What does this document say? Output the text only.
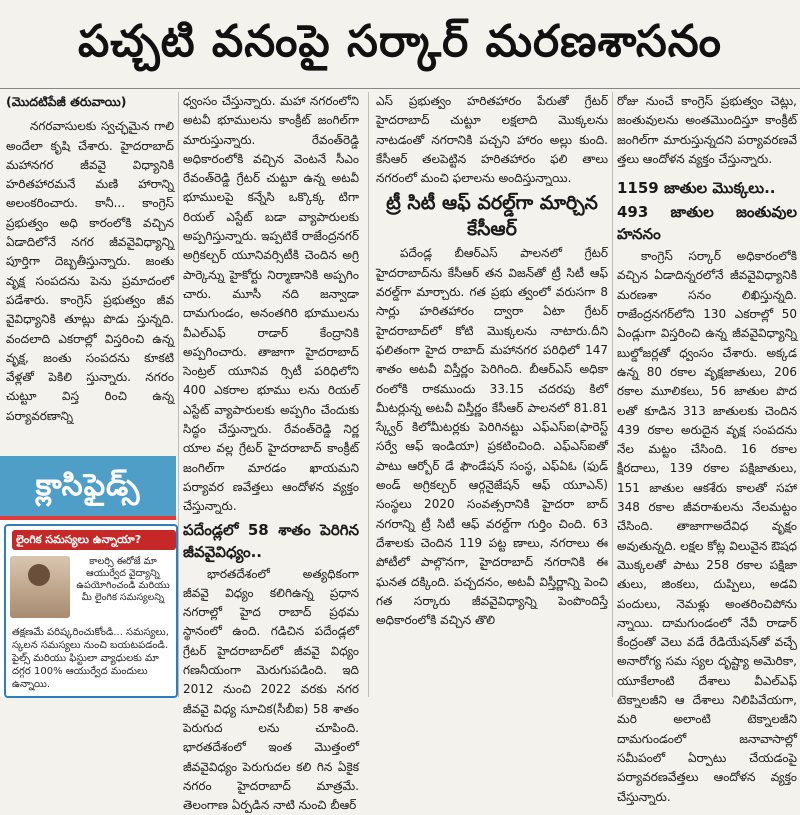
పచ్చటి వనంపై సర్కార్ మరణశాసనం

(మొదటిపేజీ తరువాయి)

నగరవాసులకు స్వచ్ఛమైన గాలి అందేలా కృషి చేశారు. హైదరాబాద్ మహానగర జీవవై విధ్యానికి హరితహారమనే మణి హారాన్ని అలంకరించారు. కానీ... కాంగ్రెస్ ప్రభుత్వం అధి కారంలోకి వచ్చిన ఏడాదిలోనే నగర జీవవైవిధ్యాన్ని పూర్తిగా దెబ్బతీస్తున్నారు. జంతు వృక్ష సంపదను పెను ప్రమాదంలో పడేశారు. కాంగ్రెస్ ప్రభుత్వం జీవ వైవిధ్యానికి తూట్లు పొడు స్తున్నది. వందలాది ఎకరాల్లో విస్తరించి ఉన్న వృక్ష, జంతు సంపదను కూకటి వేళ్లతో పెకిలి స్తున్నారు. నగరం చుట్టూ విస్త రించి ఉన్న పర్యావరణాన్ని

క్లాసిఫైడ్స్
లైంగిక సమస్యలు ఉన్నాయా?
కాలర్సి ఈరోజే మా ఆయుర్వేద వైద్యాన్ని ఉపయోగించండి మరియు మీ లైంగిక సమస్యలన్ని
తక్షణమే పరిష్కరించుకోండి... సమస్యలు, స్కలన సమస్యలు నుంచి బయటపడండి. పైల్స్ మరియు ఫిస్టులా వ్యాధులకు మా దగ్గర 100% ఆయుర్వేద మందులు ఉన్నాయి.

ధ్వంసం చేస్తున్నారు. మహా నగరంలోని అటవీ భూములను కాంక్రీట్ జంగిల్‌గా మారుస్తున్నారు. రేవంత్‌రెడ్డి అధికారంలోకి వచ్చిన వెంటనే సీఎం రేవంత్‌రెడ్డి గ్రేటర్ చుట్టూ ఉన్న అటవీ భూములపై కన్నేసి ఒక్కొక్క టిగా రియల్ ఎస్టేట్ బడా వ్యాపారులకు అప్పగిస్తున్నారు. ఇప్పటికే రాజేంద్రనగర్ అగ్రికల్చర్ యూనివర్సిటీకి చెందిన అగ్రి పార్కెన్ను హైకోర్టు నిర్మాణానికి అప్పగిం చారు. మూసీ నది జన్వాడా దామగుండం, అనంతగిరి భూములను వీఎల్ఎఫ్ రాడార్ కేంద్రానికి అప్పగించారు. తాజాగా హైదరాబాద్ సెంట్రల్ యూనివ ర్సిటీ పరిధిలోని 400 ఎకరాల భూము లను రియల్ ఎస్టేట్ వ్యాపారులకు అప్పగిం చేందుకు సిద్ధం చేస్తున్నారు. రేవంత్‌రెడ్డి నిర్ణ యాల వల్ల గ్రేటర్ హైదరాబాద్ కాంక్రీట్ జంగిల్‌గా మారడం ఖాయమని పర్యావర ణవేత్తలు ఆందోళన వ్యక్తం చేస్తున్నారు.

పదేండ్లలో 58 శాతం పెరిగిన జీవవైవిధ్యం..

భారతదేశంలో అత్యధికంగా జీవవై విధ్యం కలిగిఉన్న ప్రధాన నగరాల్లో హైద రాబాద్ ప్రథమ స్థానంలో ఉంది. గడిచిన పదేండ్లలో గ్రేటర్ హైదరాబాద్‌లో జీవవై విధ్యం గణనీయంగా మెరుగుపడింది. ఇది 2012 నుంచి 2022 వరకు నగర జీవవై విధ్య సూచిక(సీబీఐ) 58 శాతం పెరుగుద లను చూపింది. భారతదేశంలో ఇంత మొత్తంలో జీవవైవిధ్యం పెరుగుదల కలి గిన ఏకైక నగరం హైదరాబాద్ మాత్రమే. తెలంగాణ ఏర్పడిన నాటి నుంచి బీఆర్

ఎస్ ప్రభుత్వం హరితహారం పేరుతో గ్రేటర్ హైదరాబాద్ చుట్టూ లక్షలాది మొక్కలను నాటడంతో నగరానికి పచ్చని హారం అల్లు కుంది. కేసీఆర్ తలపెట్టిన హరితహారం ఫలి తాలు నగరంలో మంచి ఫలాలను అందిస్తున్నాయి.

ట్రీ సిటీ ఆఫ్ వరల్డ్‌గా మార్చిన కేసీఆర్

పదేండ్ల బీఆర్ఎస్ పాలనలో గ్రేటర్ హైదరాబాద్‌ను కేసీఆర్ తన విజన్‌తో ట్రీ సిటీ ఆఫ్ వరల్డ్‌గా మార్చారు. గత ప్రభు త్వంలో వరుసగా 8 సార్లు హరితహారం ద్వారా ఏటా గ్రేటర్ హైదరాబాద్‌లో కోటి మొక్కలను నాటారు.దీని ఫలితంగా హైద రాబాద్ మహానగర పరిధిలో 147 శాతం అటవీ విస్తీర్ణం పెరిగింది. బీఆర్ఎస్ అధికా రంలోకి రాకముందు 33.15 చదరపు కిలో మీటర్లున్న అటవీ విస్తీర్ణం కేసీఆర్ పాలనలో 81.81 స్క్వేర్ కిలోమీటర్లకు పెరిగినట్టు ఎఫ్ఎస్ఐ(ఫారెస్ట్ సర్వే ఆఫ్ ఇండియా) ప్రకటించింది. ఎఫ్ఎస్ఐతో పాటు ఆర్బోర్ డే ఫౌండేషన్ సంస్థ, ఎఫ్ఏఓ (ఫుడ్ అండ్ అగ్రికల్చర్ ఆర్గనైజేషన్ ఆఫ్ యూఎన్) సంస్థలు 2020 సంవత్సరానికి హైదరా బాద్ నగరాన్ని ట్రీ సిటీ ఆఫ్ వరల్డ్‌గా గుర్తిం చింది. 63 దేశాలకు చెందిన 119 పట్ట ణాలు, నగరాలు ఈ పోటీలో పాల్గొనగా, హైదరాబాద్ నగరానికి ఈ ఘనత దక్కింది. పచ్చదనం, అటవీ విస్తీర్ణాన్ని పెంచి గత సర్కారు జీవవైవిధ్యాన్ని పెంపొందిస్తే అధికారంలోకి వచ్చిన తొలి

రోజు నుంచే కాంగ్రెస్ ప్రభుత్వం చెట్లు, జంతువులను అంతమొందిస్తూ కాంక్రీట్ జంగిల్‌గా మారుస్తున్నదని పర్యావరణవే త్తలు ఆందోళన వ్యక్తం చేస్తున్నారు.

1159 జాతుల మొక్కలు..

493 జాతుల జంతువుల హననం

కాంగ్రెస్ సర్కార్ అధికారంలోకి వచ్చిన ఏడాదిన్నరలోనే జీవవైవిధ్యానికి మరణశా సనం లిఖిస్తున్నది. రాజేంద్రనగర్‌లోని 130 ఎకరాల్లో 50 ఏండ్లుగా విస్తరించి ఉన్న జీవవైవిధ్యాన్ని బుల్డోజర్లతో ధ్వంసం చేశారు. అక్కడ ఉన్న 80 రకాల వృక్షజాతులు, 206 రకాల మూలికలు, 56 జాతుల పొద లతో కూడిన 313 జాతులకు చెందిన 439 రకాల అరుదైన వృక్ష సంపదను నేల మట్టం చేసింది. 16 రకాల క్షీరదాలు, 139 రకాల పక్షిజాతులు, 151 జాతుల ఆకశేరు కాలతో సహా 348 రకాల జీవరాశులను నేలమట్టం చేసింది. తాజాగాఅదేవిధ వృక్షం అవుతున్నది. లక్షల కోట్ల విలువైన ఔషధ మొక్కలతో పాటు 258 రకాల పక్షిజా తులు, జింకలు, దుప్పిలు, అడవి పందులు, నెమళ్లు అంతరించిపోను న్నాయి. దామగుండంలో నేవీ రాడార్ కేంద్రంతో వెలు వడే రేడియేషన్‌తో వచ్చే అనారోగ్య సమ స్యల దృష్ట్యా అమెరికా, యూకేలాంటి దేశాలు వీఎల్ఎఫ్ టెక్నాలజీని ఆ దేశాలు నిలిపివేయగా, మరి అలాంటి టెక్నాలజీని దామగుండంలో జనావాసాల్లో సమీపంలో ఏర్పాటు చేయడంపై పర్యావరణవేత్తలు ఆందోళన వ్యక్తం చేస్తున్నారు.
